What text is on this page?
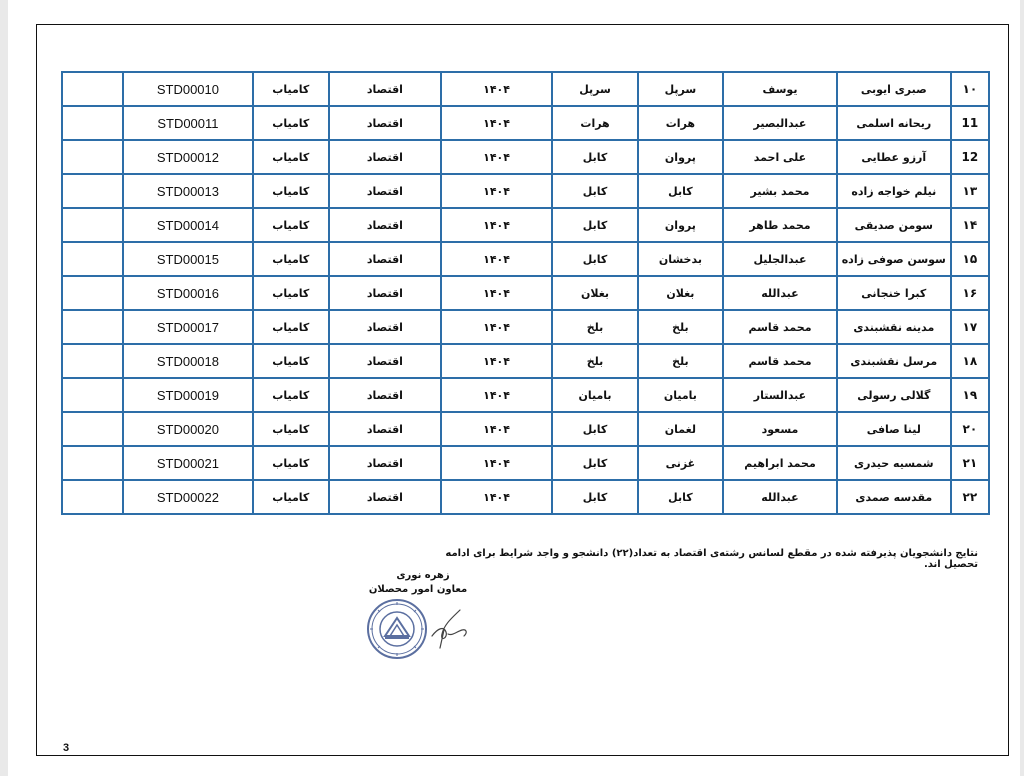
۱۰	صبری ایوبی	یوسف	سرپل	سرپل	۱۴۰۴	اقتصاد	کامیاب	STD00010	
11	ریحانه اسلمی	عبدالبصیر	هرات	هرات	۱۴۰۴	اقتصاد	کامیاب	STD00011	
12	آرزو عطایی	علی احمد	پروان	کابل	۱۴۰۴	اقتصاد	کامیاب	STD00012	
۱۳	نیلم خواجه زاده	محمد بشیر	کابل	کابل	۱۴۰۴	اقتصاد	کامیاب	STD00013	
۱۴	سومن صدیقی	محمد طاهر	پروان	کابل	۱۴۰۴	اقتصاد	کامیاب	STD00014	
۱۵	سوسن صوفی زاده	عبدالجلیل	بدخشان	کابل	۱۴۰۴	اقتصاد	کامیاب	STD00015	
۱۶	کبرا خنجانی	عبدالله	بغلان	بغلان	۱۴۰۴	اقتصاد	کامیاب	STD00016	
۱۷	مدینه نقشبندی	محمد قاسم	بلخ	بلخ	۱۴۰۴	اقتصاد	کامیاب	STD00017	
۱۸	مرسل نقشبندی	محمد قاسم	بلخ	بلخ	۱۴۰۴	اقتصاد	کامیاب	STD00018	
۱۹	گلالی رسولی	عبدالستار	بامیان	بامیان	۱۴۰۴	اقتصاد	کامیاب	STD00019	
۲۰	لینا صافی	مسعود	لغمان	کابل	۱۴۰۴	اقتصاد	کامیاب	STD00020	
۲۱	شمسیه حیدری	محمد ابراهیم	غزنی	کابل	۱۴۰۴	اقتصاد	کامیاب	STD00021	
۲۲	مقدسه صمدی	عبدالله	کابل	کابل	۱۴۰۴	اقتصاد	کامیاب	STD00022	
نتایج دانشجویان پذیرفته شده در مقطع لسانس رشته‌ی اقتصاد به تعداد(۲۲) دانشجو و واجد شرایط برای ادامه تحصیل اند.
زهره نوری
معاون امور محصلان
3
